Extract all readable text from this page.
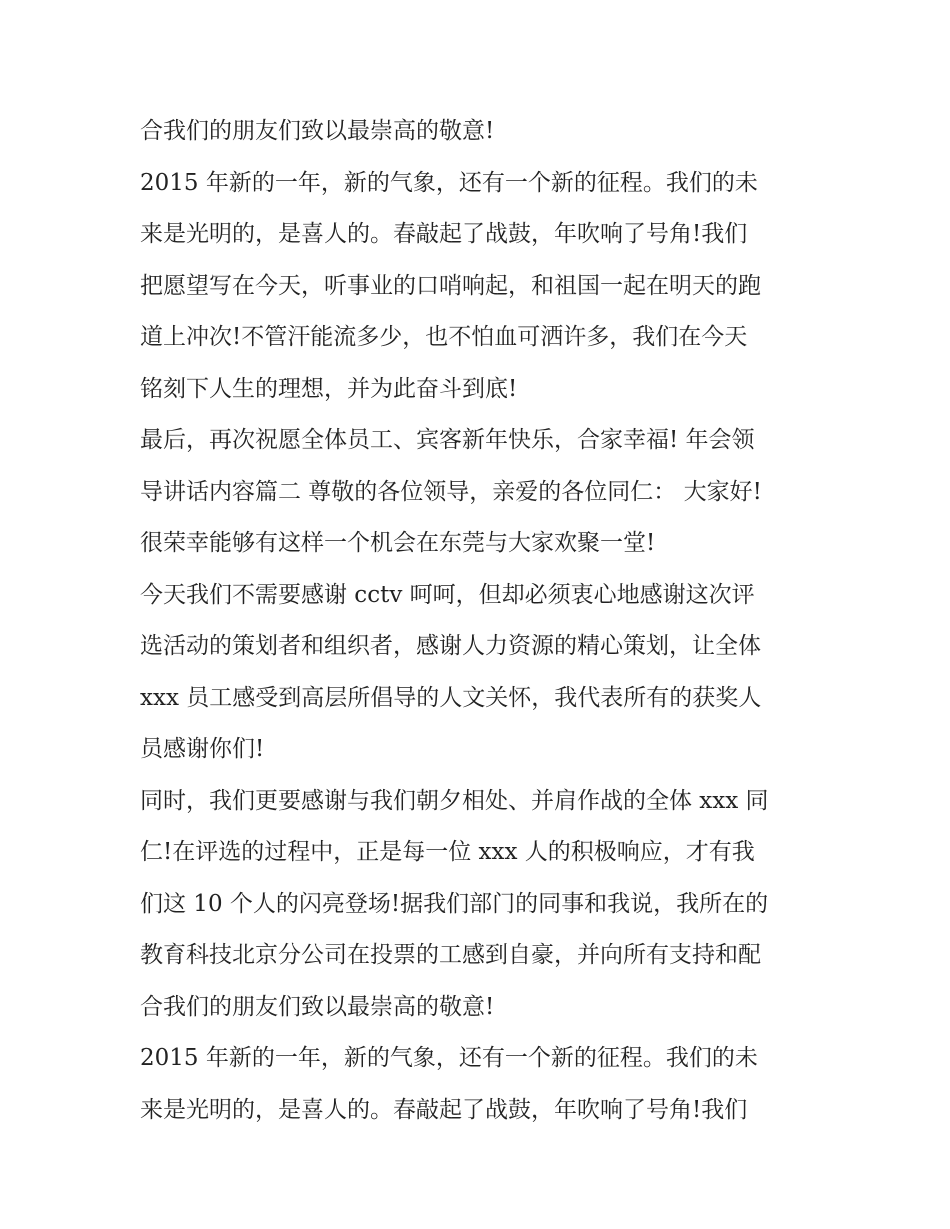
合我们的朋友们致以最崇高的敬意!
2015 年新的一年，新的气象，还有一个新的征程。我们的未
来是光明的，是喜人的。春敲起了战鼓，年吹响了号角!我们
把愿望写在今天，听事业的口哨响起，和祖国一起在明天的跑
道上冲次!不管汗能流多少，也不怕血可洒许多，我们在今天
铭刻下人生的理想，并为此奋斗到底!
最后，再次祝愿全体员工、宾客新年快乐，合家幸福! 年会领
导讲话内容篇二 尊敬的各位领导，亲爱的各位同仁： 大家好!
很荣幸能够有这样一个机会在东莞与大家欢聚一堂!
今天我们不需要感谢 cctv 呵呵，但却必须衷心地感谢这次评
选活动的策划者和组织者，感谢人力资源的精心策划，让全体
xxx 员工感受到高层所倡导的人文关怀，我代表所有的获奖人
员感谢你们!
同时，我们更要感谢与我们朝夕相处、并肩作战的全体 xxx 同
仁!在评选的过程中，正是每一位 xxx 人的积极响应，才有我
们这 10 个人的闪亮登场!据我们部门的同事和我说，我所在的
教育科技北京分公司在投票的工感到自豪，并向所有支持和配
合我们的朋友们致以最崇高的敬意!
2015 年新的一年，新的气象，还有一个新的征程。我们的未
来是光明的，是喜人的。春敲起了战鼓，年吹响了号角!我们
